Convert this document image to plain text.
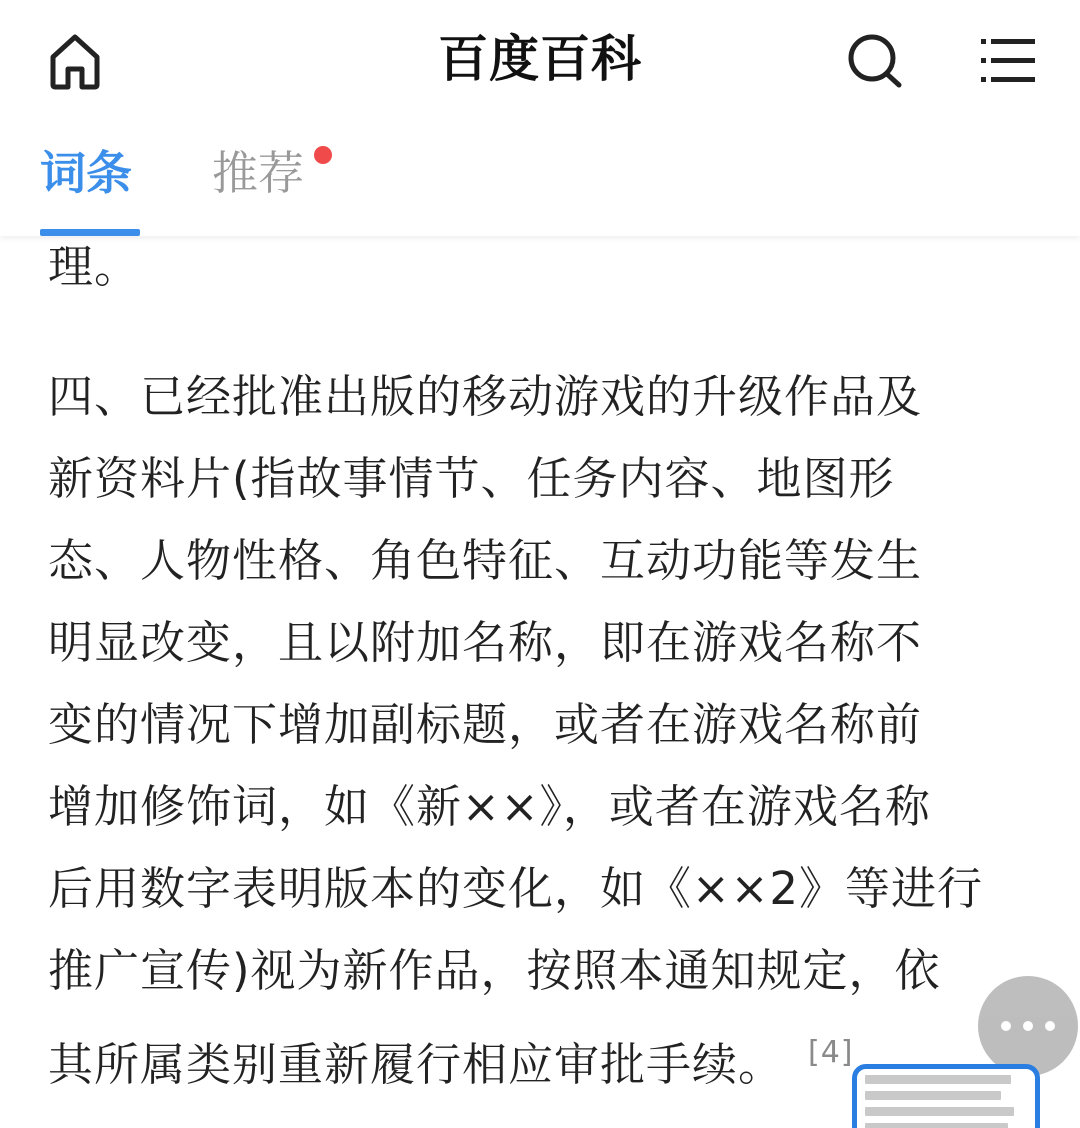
百度百科
词条 推荐
理。
四、已经批准出版的移动游戏的升级作品及
新资料片(指故事情节、任务内容、地图形
态、人物性格、角色特征、互动功能等发生
明显改变，且以附加名称，即在游戏名称不
变的情况下增加副标题，或者在游戏名称前
增加修饰词，如《新××》，或者在游戏名称
后用数字表明版本的变化，如《××2》等进行
推广宣传)视为新作品，按照本通知规定，依
其所属类别重新履行相应审批手续。 [4]
